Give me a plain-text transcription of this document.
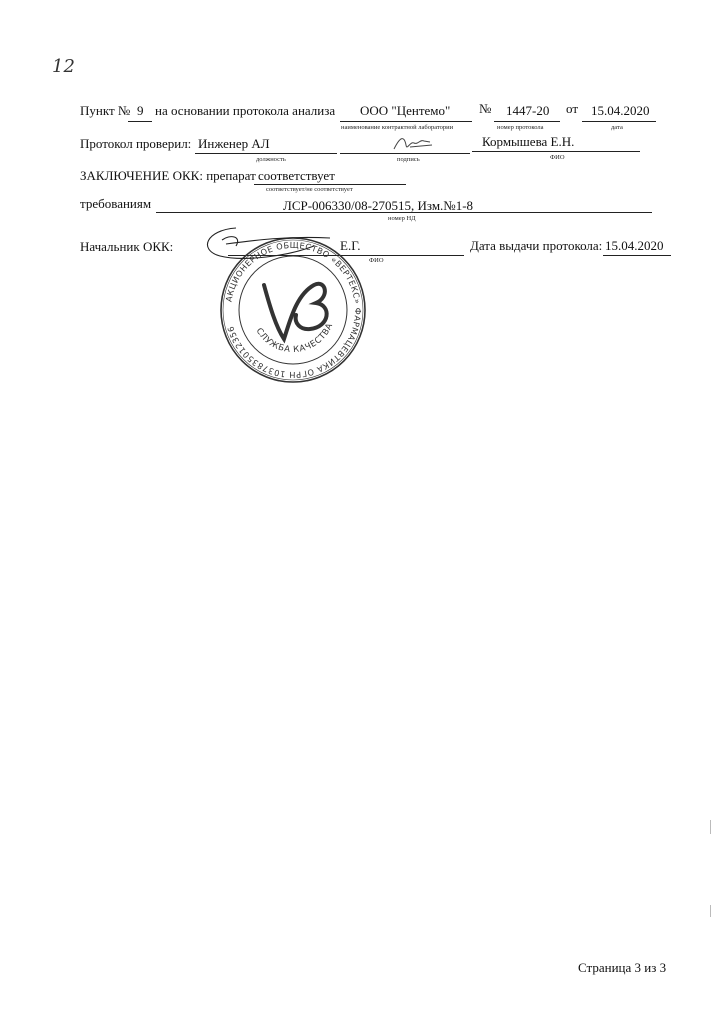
12
Пункт № 9 на основании протокола анализа ООО "Центемо"
наименование контрактной лаборатории
№ 1447-20
номер протокола
от 15.04.2020
дата
Протокол проверил: Инженер АЛ
должность	подпись
Кормышева Е.Н.
ФИО
ЗАКЛЮЧЕНИЕ ОКК: препарат соответствует
соответствует/не соответствует
требованиям	ЛСР-006330/08-270515, Изм.№1-8
номер НД
Начальник ОКК:	Е.Г.
ФИО
Дата выдачи протокола: 15.04.2020
АКЦИОНЕРНОЕ ОБЩЕСТВО «ВЕРТЕКС» ФАРМАЦЕВТИКА ОГРН 1037835012356	СЛУЖБА КАЧЕСТВА
Страница 3 из 3
